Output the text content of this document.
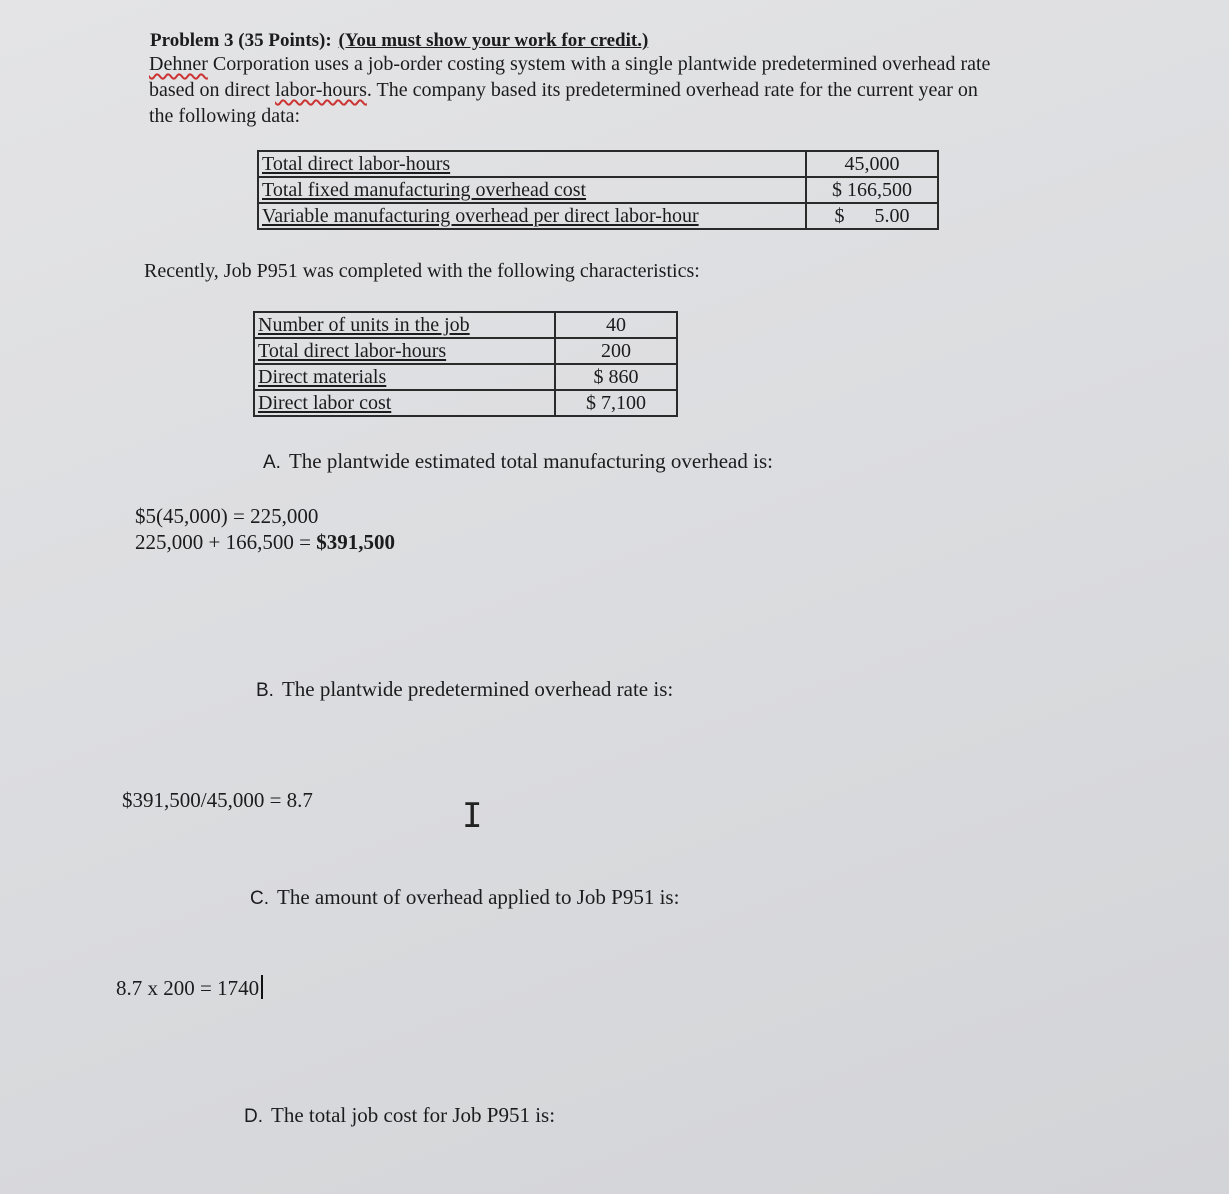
Problem 3 (35 Points): (You must show your work for credit.)
Dehner Corporation uses a job-order costing system with a single plantwide predetermined overhead rate
based on direct labor-hours. The company based its predetermined overhead rate for the current year on
the following data:
Total direct labor-hours	45,000
Total fixed manufacturing overhead cost	$ 166,500
Variable manufacturing overhead per direct labor-hour	$      5.00
Recently, Job P951 was completed with the following characteristics:
Number of units in the job	40
Total direct labor-hours	200
Direct materials	$ 860
Direct labor cost	$ 7,100
A. The plantwide estimated total manufacturing overhead is:
$5(45,000) = 225,000
225,000 + 166,500 = $391,500
B. The plantwide predetermined overhead rate is:
$391,500/45,000 = 8.7	I
C. The amount of overhead applied to Job P951 is:
8.7 x 200 = 1740
D. The total job cost for Job P951 is:
